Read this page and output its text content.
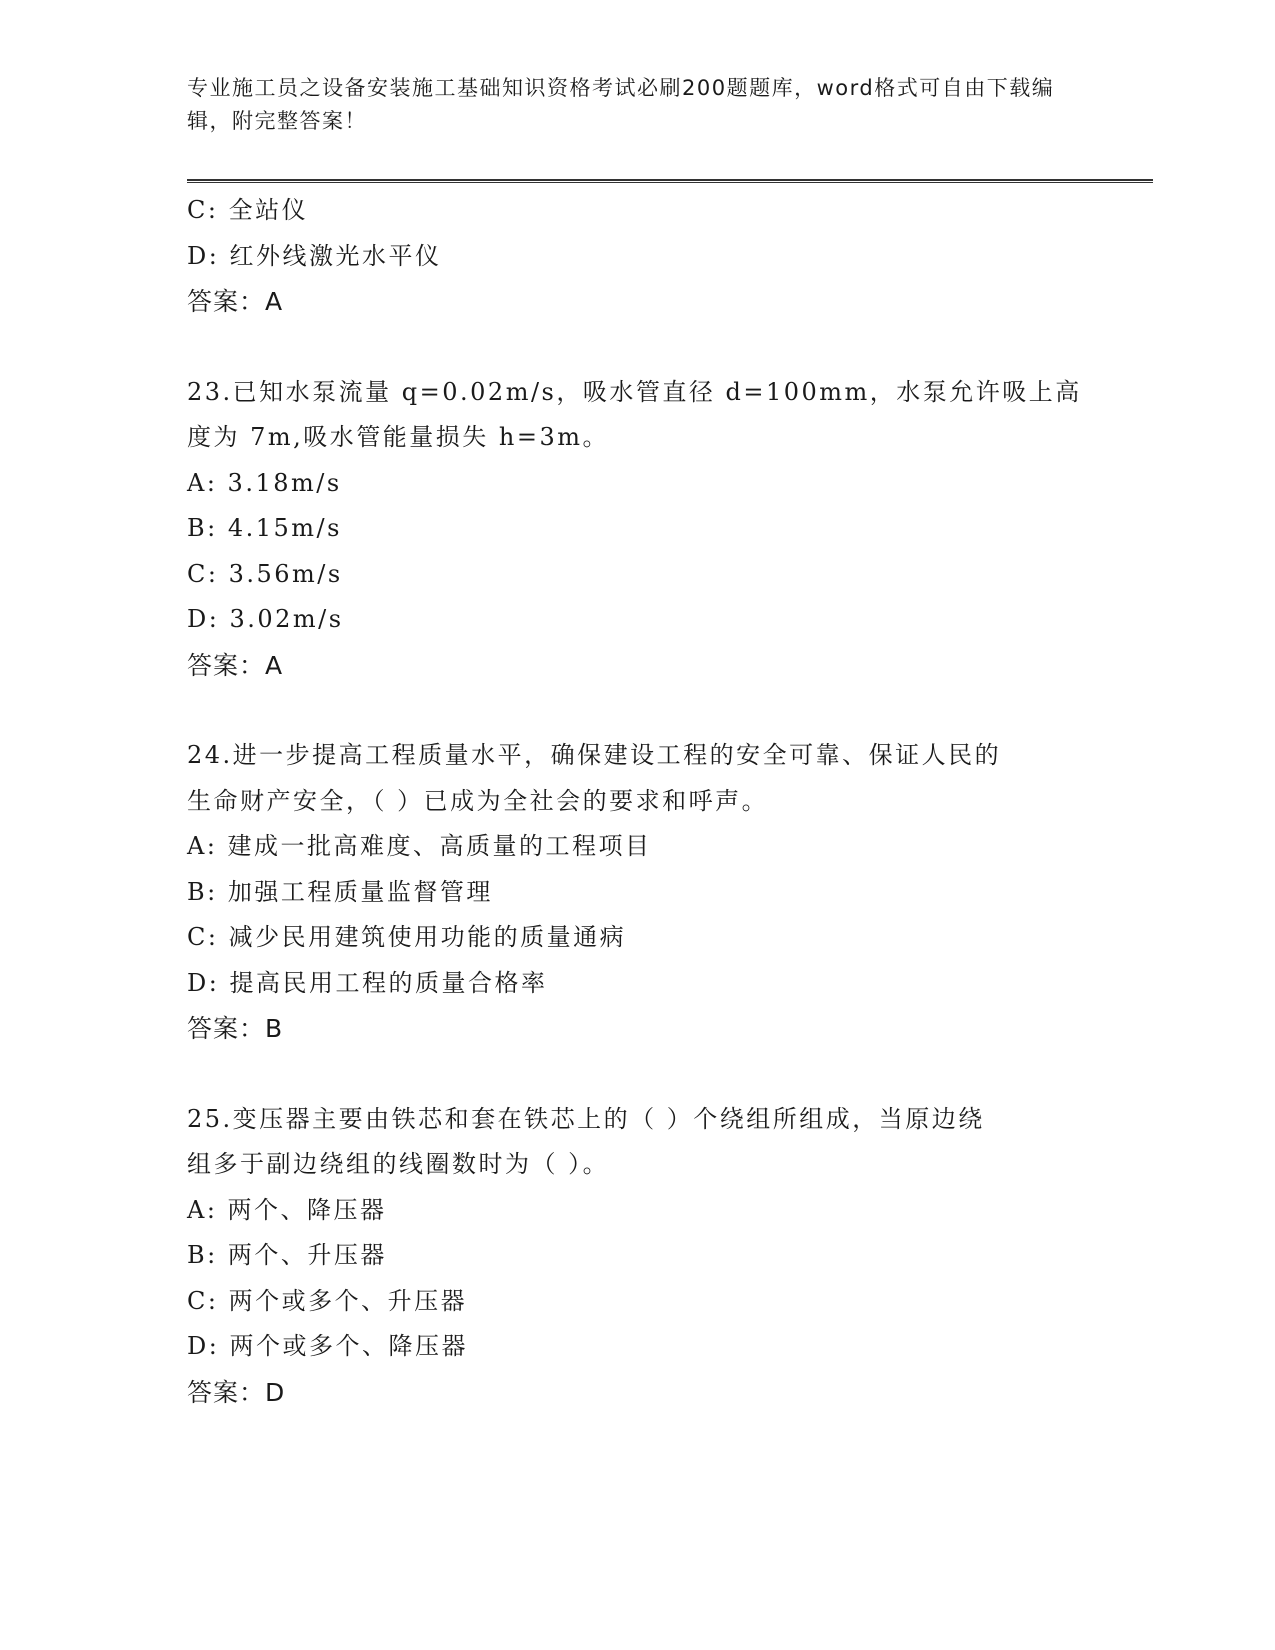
专业施工员之设备安装施工基础知识资格考试必刷200题题库，word格式可自由下载编辑，附完整答案！
C: 全站仪
D: 红外线激光水平仪
答案：A
23.已知水泵流量 q=0.02m/s，吸水管直径 d=100mm，水泵允许吸上高
度为 7m,吸水管能量损失 h=3m。
A: 3.18m/s
B: 4.15m/s
C: 3.56m/s
D: 3.02m/s
答案：A
24.进一步提高工程质量水平，确保建设工程的安全可靠、保证人民的
生命财产安全，（ ）已成为全社会的要求和呼声。
A: 建成一批高难度、高质量的工程项目
B: 加强工程质量监督管理
C: 减少民用建筑使用功能的质量通病
D: 提高民用工程的质量合格率
答案：B
25.变压器主要由铁芯和套在铁芯上的（ ）个绕组所组成，当原边绕
组多于副边绕组的线圈数时为（ ）。
A: 两个、降压器
B: 两个、升压器
C: 两个或多个、升压器
D: 两个或多个、降压器
答案：D
